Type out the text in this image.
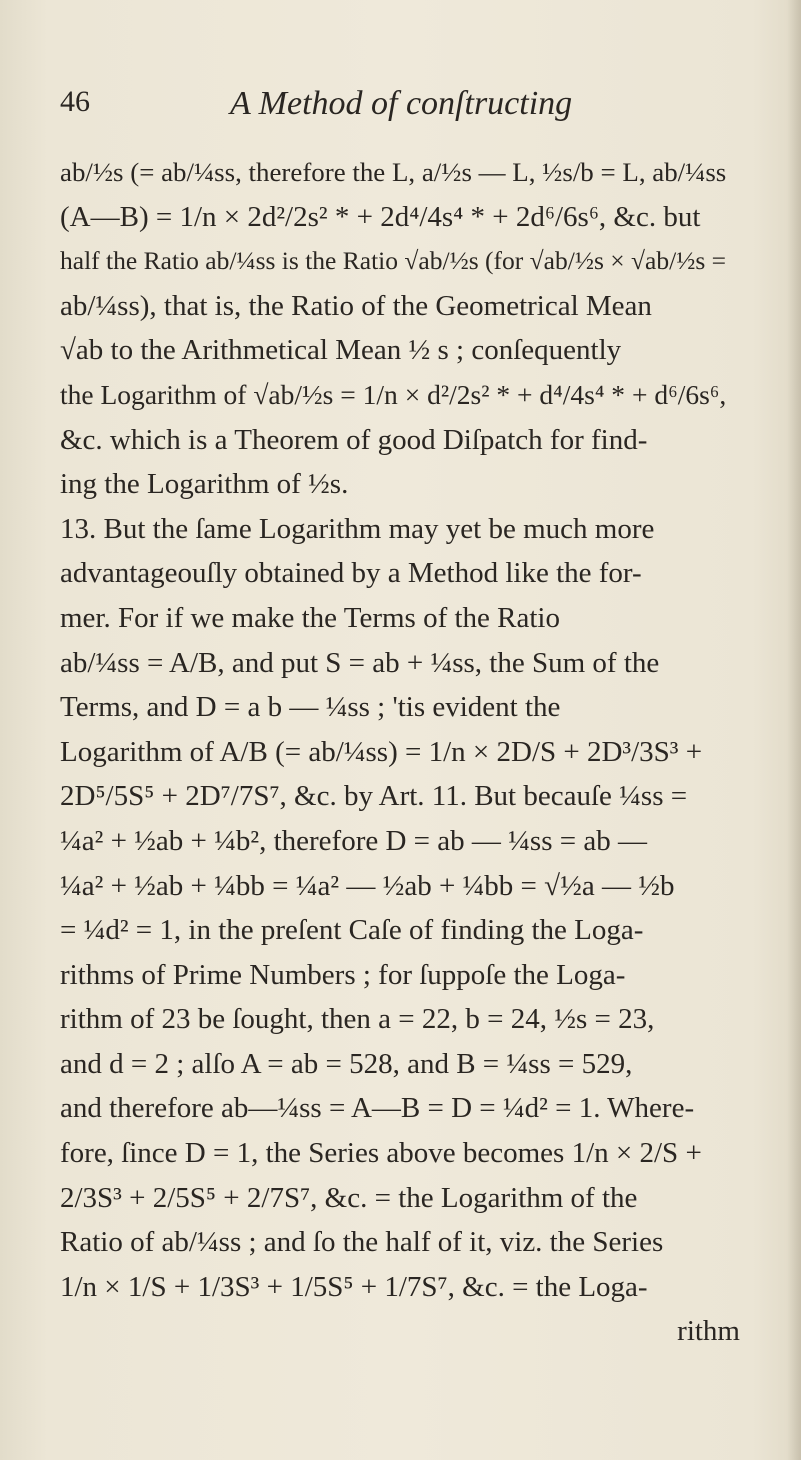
46	A Method of conſtructing
ab/½s (= ab/¼ss, therefore the L, a/½s — L, ½s/b = L, ab/¼ss
(A—B) = 1/n × 2d²/2s² * + 2d⁴/4s⁴ * + 2d⁶/6s⁶, &c. but
half the Ratio ab/¼ss is the Ratio √ab/½s (for √ab/½s × √ab/½s =
ab/¼ss), that is, the Ratio of the Geometrical Mean
√ab to the Arithmetical Mean ½ s ; conſequently
the Logarithm of √ab/½s = 1/n × d²/2s² * + d⁴/4s⁴ * + d⁶/6s⁶,
&c. which is a Theorem of good Diſpatch for find-
ing the Logarithm of ½s.
13. But the ſame Logarithm may yet be much more
advantageouſly obtained by a Method like the for-
mer. For if we make the Terms of the Ratio
ab/¼ss = A/B, and put S = ab + ¼ss, the Sum of the
Terms, and D = a b — ¼ss ; 'tis evident the
Logarithm of A/B (= ab/¼ss) = 1/n × 2D/S + 2D³/3S³ +
2D⁵/5S⁵ + 2D⁷/7S⁷, &c. by Art. 11. But becauſe ¼ss =
¼a² + ½ab + ¼b², therefore D = ab — ¼ss = ab —
¼a² + ½ab + ¼bb = ¼a² — ½ab + ¼bb = √½a — ½b
= ¼d² = 1, in the preſent Caſe of finding the Loga-
rithms of Prime Numbers ; for ſuppoſe the Loga-
rithm of 23 be ſought, then a = 22, b = 24, ½s = 23,
and d = 2 ; alſo A = ab = 528, and B = ¼ss = 529,
and therefore ab—¼ss = A—B = D = ¼d² = 1. Where-
fore, ſince D = 1, the Series above becomes 1/n × 2/S +
2/3S³ + 2/5S⁵ + 2/7S⁷, &c. = the Logarithm of the
Ratio of ab/¼ss ; and ſo the half of it, viz. the Series
1/n × 1/S + 1/3S³ + 1/5S⁵ + 1/7S⁷, &c. = the Loga-
rithm
